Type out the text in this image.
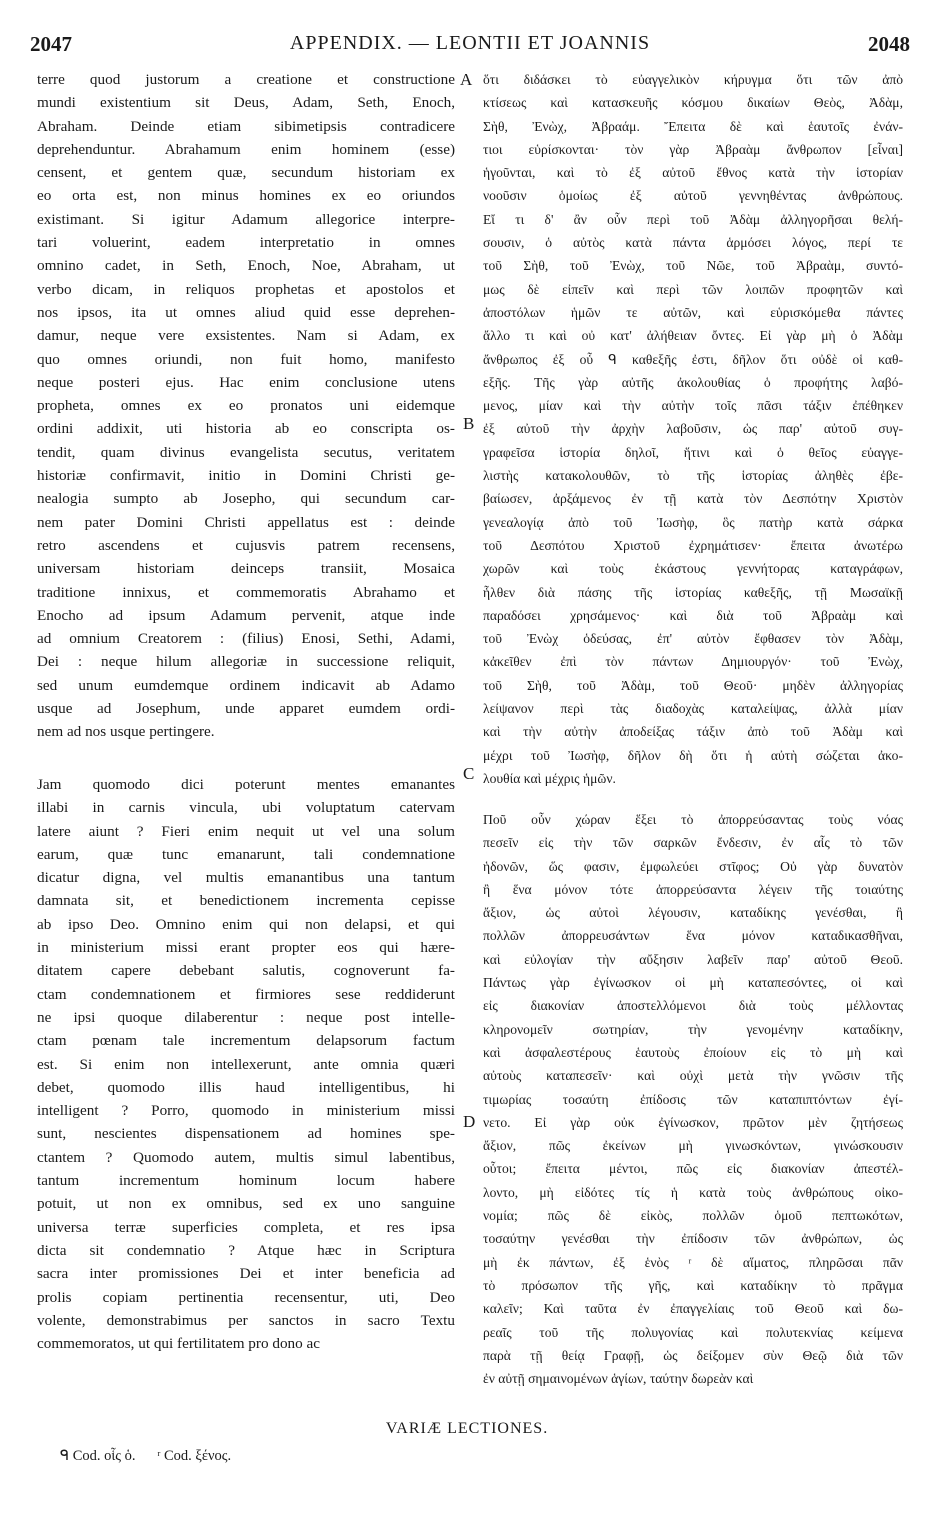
2047	APPENDIX. — LEONTII ET JOANNIS	2048
terre quod justorum a creatione et constructione
mundi existentium sit Deus, Adam, Seth, Enoch,
Abraham. Deinde etiam sibimetipsis contradicere
deprehenduntur. Abrahamum enim hominem (esse)
censent, et gentem quæ, secundum historiam ex
eo orta est, non minus homines ex eo oriundos
existimant. Si igitur Adamum allegorice interpre-
tari voluerint, eadem interpretatio in omnes
omnino cadet, in Seth, Enoch, Noe, Abraham, ut
verbo dicam, in reliquos prophetas et apostolos et
nos ipsos, ita ut omnes aliud quid esse deprehen-
damur, neque vere exsistentes. Nam si Adam, ex
quo omnes oriundi, non fuit homo, manifesto
neque posteri ejus. Hac enim conclusione utens
propheta, omnes ex eo pronatos uni eidemque
ordini addixit, uti historia ab eo conscripta os-
tendit, quam divinus evangelista secutus, veritatem
historiæ confirmavit, initio in Domini Christi ge-
nealogia sumpto ab Josepho, qui secundum car-
nem pater Domini Christi appellatus est : deinde
retro ascendens et cujusvis patrem recensens,
universam historiam deinceps transiit, Mosaica
traditione innixus, et commemoratis Abrahamo et
Enocho ad ipsum Adamum pervenit, atque inde
ad omnium Creatorem : (filius) Enosi, Sethi, Adami,
Dei : neque hilum allegoriæ in successione reliquit,
sed unum eumdemque ordinem indicavit ab Adamo
usque ad Josephum, unde apparet eumdem ordi-
nem ad nos usque pertingere.
Jam quomodo dici poterunt mentes emanantes
illabi in carnis vincula, ubi voluptatum catervam
latere aiunt ? Fieri enim nequit ut vel una solum
earum, quæ tunc emanarunt, tali condemnatione
dicatur digna, vel multis emanantibus una tantum
damnata sit, et benedictionem incrementa cepisse
ab ipso Deo. Omnino enim qui non delapsi, et qui
in ministerium missi erant propter eos qui hære-
ditatem capere debebant salutis, cognoverunt fa-
ctam condemnationem et firmiores sese reddiderunt
ne ipsi quoque dilaberentur : neque post intelle-
ctam pœnam tale incrementum delapsorum factum
est. Si enim non intellexerunt, ante omnia quæri
debet, quomodo illis haud intelligentibus, hi
intelligent ? Porro, quomodo in ministerium missi
sunt, nescientes dispensationem ad homines spe-
ctantem ? Quomodo autem, multis simul labentibus,
tantum incrementum hominum locum habere
potuit, ut non ex omnibus, sed ex uno sanguine
universa terræ superficies completa, et res ipsa
dicta sit condemnatio ? Atque hæc in Scriptura
sacra inter promissiones Dei et inter beneficia ad
prolis copiam pertinentia recensentur, uti, Deo
volente, demonstrabimus per sanctos in sacro Textu
commemoratos, ut qui fertilitatem pro dono ac
ὅτι διδάσκει τὸ εὐαγγελικὸν κήρυγμα ὅτι τῶν ἀπὸ
κτίσεως καὶ κατασκευῆς κόσμου δικαίων Θεὸς, Ἀδὰμ,
Σὴθ, Ἐνὼχ, Ἀβραάμ. Ἔπειτα δὲ καὶ ἑαυτοῖς ἐνάν-
τιοι εὑρίσκονται· τὸν γὰρ Ἀβραὰμ ἄνθρωπον [εἶναι]
ἡγοῦνται, καὶ τὸ ἐξ αὐτοῦ ἔθνος κατὰ τὴν ἱστορίαν
νοοῦσιν ὁμοίως ἐξ αὐτοῦ γεννηθέντας ἀνθρώπους.
Εἴ τι δ' ἂν οὖν περὶ τοῦ Ἀδὰμ ἀλληγορῆσαι θελή-
σουσιν, ὁ αὐτὸς κατὰ πάντα ἁρμόσει λόγος, περί τε
τοῦ Σὴθ, τοῦ Ἐνὼχ, τοῦ Νῶε, τοῦ Ἀβραὰμ, συντό-
μως δὲ εἰπεῖν καὶ περὶ τῶν λοιπῶν προφητῶν καὶ
ἀποστόλων ἡμῶν τε αὐτῶν, καὶ εὑρισκόμεθα πάντες
ἄλλο τι καὶ οὐ κατ' ἀλήθειαν ὄντες. Εἰ γὰρ μὴ ὁ Ἀδὰμ
ἄνθρωπος ἐξ οὗ ᑫ καθεξῆς ἐστι, δῆλον ὅτι οὐδὲ οἱ καθ-
εξῆς. Τῆς γὰρ αὐτῆς ἀκολουθίας ὁ προφήτης λαβό-
μενος, μίαν καὶ τὴν αὐτὴν τοῖς πᾶσι τάξιν ἐπέθηκεν
ἐξ αὐτοῦ τὴν ἀρχὴν λαβοῦσιν, ὡς παρ' αὐτοῦ συγ-
γραφεῖσα ἱστορία δηλοῖ, ἥτινι καὶ ὁ θεῖος εὐαγγε-
λιστὴς κατακολουθῶν, τὸ τῆς ἱστορίας ἀληθὲς ἐβε-
βαίωσεν, ἀρξάμενος ἐν τῇ κατὰ τὸν Δεσπότην Χριστὸν
γενεαλογίᾳ ἀπὸ τοῦ Ἰωσὴφ, ὃς πατὴρ κατὰ σάρκα
τοῦ Δεσπότου Χριστοῦ ἐχρημάτισεν· ἔπειτα ἀνωτέρω
χωρῶν καὶ τοὺς ἑκάστους γεννήτορας καταγράφων,
ἦλθεν διὰ πάσης τῆς ἱστορίας καθεξῆς, τῇ Μωσαϊκῇ
παραδόσει χρησάμενος· καὶ διὰ τοῦ Ἀβραὰμ καὶ
τοῦ Ἐνὼχ ὁδεύσας, ἐπ' αὐτὸν ἔφθασεν τὸν Ἀδὰμ,
κἀκεῖθεν ἐπὶ τὸν πάντων Δημιουργόν· τοῦ Ἐνὼχ,
τοῦ Σὴθ, τοῦ Ἀδὰμ, τοῦ Θεοῦ· μηδὲν ἀλληγορίας
λείψανον περὶ τὰς διαδοχὰς καταλείψας, ἀλλὰ μίαν
καὶ τὴν αὐτὴν ἀποδείξας τάξιν ἀπὸ τοῦ Ἀδὰμ καὶ
μέχρι τοῦ Ἰωσὴφ, δῆλον δὴ ὅτι ἡ αὐτὴ σώζεται ἀκο-
λουθία καὶ μέχρις ἡμῶν.
Ποῦ οὖν χώραν ἕξει τὸ ἀπορρεύσαντας τοὺς νόας
πεσεῖν εἰς τὴν τῶν σαρκῶν ἔνδεσιν, ἐν αἷς τὸ τῶν
ἡδονῶν, ὥς φασιν, ἐμφωλεύει στῖφος; Οὐ γὰρ δυνατὸν
ἢ ἕνα μόνον τότε ἀπορρεύσαντα λέγειν τῆς τοιαύτης
ἄξιον, ὡς αὐτοὶ λέγουσιν, καταδίκης γενέσθαι, ἢ
πολλῶν ἀπορρευσάντων ἕνα μόνον καταδικασθῆναι,
καὶ εὐλογίαν τὴν αὔξησιν λαβεῖν παρ' αὐτοῦ Θεοῦ.
Πάντως γὰρ ἐγίνωσκον οἱ μὴ καταπεσόντες, οἱ καὶ
εἰς διακονίαν ἀποστελλόμενοι διὰ τοὺς μέλλοντας
κληρονομεῖν σωτηρίαν, τὴν γενομένην καταδίκην,
καὶ ἀσφαλεστέρους ἑαυτοὺς ἐποίουν εἰς τὸ μὴ καὶ
αὐτοὺς καταπεσεῖν· καὶ οὐχὶ μετὰ τὴν γνῶσιν τῆς
τιμωρίας τοσαύτη ἐπίδοσις τῶν καταπιπτόντων ἐγί-
νετο. Εἰ γὰρ οὐκ ἐγίνωσκον, πρῶτον μὲν ζητήσεως
ἄξιον, πῶς ἐκείνων μὴ γινωσκόντων, γινώσκουσιν
οὗτοι; ἔπειτα μέντοι, πῶς εἰς διακονίαν ἀπεστέλ-
λοντο, μὴ εἰδότες τίς ἡ κατὰ τοὺς ἀνθρώπους οἰκο-
νομία; πῶς δὲ εἰκὸς, πολλῶν ὁμοῦ πεπτωκότων,
τοσαύτην γενέσθαι τὴν ἐπίδοσιν τῶν ἀνθρώπων, ὡς
μὴ ἐκ πάντων, ἐξ ἑνὸς ʳ δὲ αἵματος, πληρῶσαι πᾶν
τὸ πρόσωπον τῆς γῆς, καὶ καταδίκην τὸ πρᾶγμα
καλεῖν; Καὶ ταῦτα ἐν ἐπαγγελίαις τοῦ Θεοῦ καὶ δω-
ρεαῖς τοῦ τῆς πολυγονίας καὶ πολυτεκνίας κείμενα
παρὰ τῇ θείᾳ Γραφῇ, ὡς δείξομεν σὺν Θεῷ διὰ τῶν
ἐν αὐτῇ σημαινομένων ἁγίων, ταύτην δωρεὰν καὶ
A
B
C
D
VARIÆ LECTIONES.
ᑫ Cod. οἷς ὁ. ʳ Cod. ξένος.
